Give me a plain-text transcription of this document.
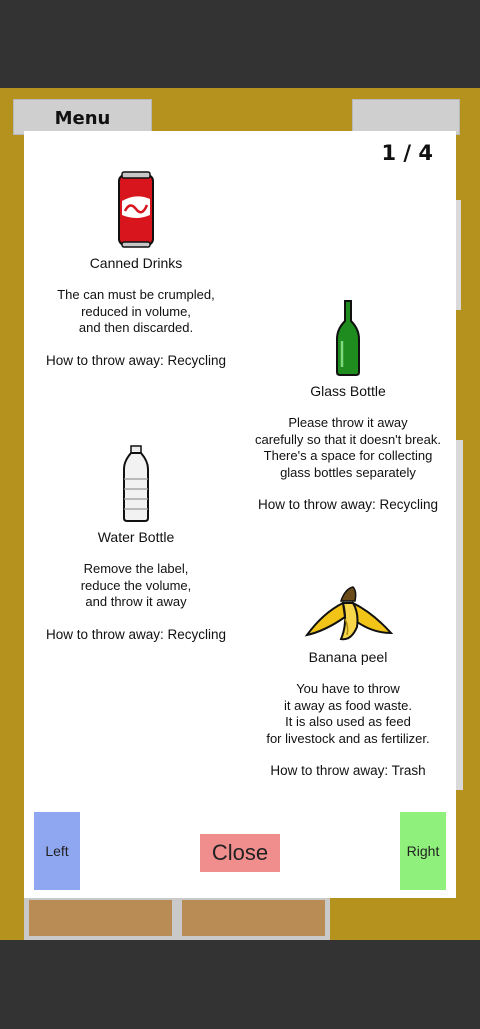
Menu
1 / 4
Canned Drinks
The can must be crumpled,
reduced in volume,
and then discarded.
How to throw away: Recycling
Glass Bottle
Please throw it away
carefully so that it doesn't break.
There's a space for collecting
glass bottles separately
How to throw away: Recycling
Water Bottle
Remove the label,
reduce the volume,
and throw it away
How to throw away: Recycling
Banana peel
You have to throw
it away as food waste.
It is also used as feed
for livestock and as fertilizer.
How to throw away: Trash
Left	Close	Right
